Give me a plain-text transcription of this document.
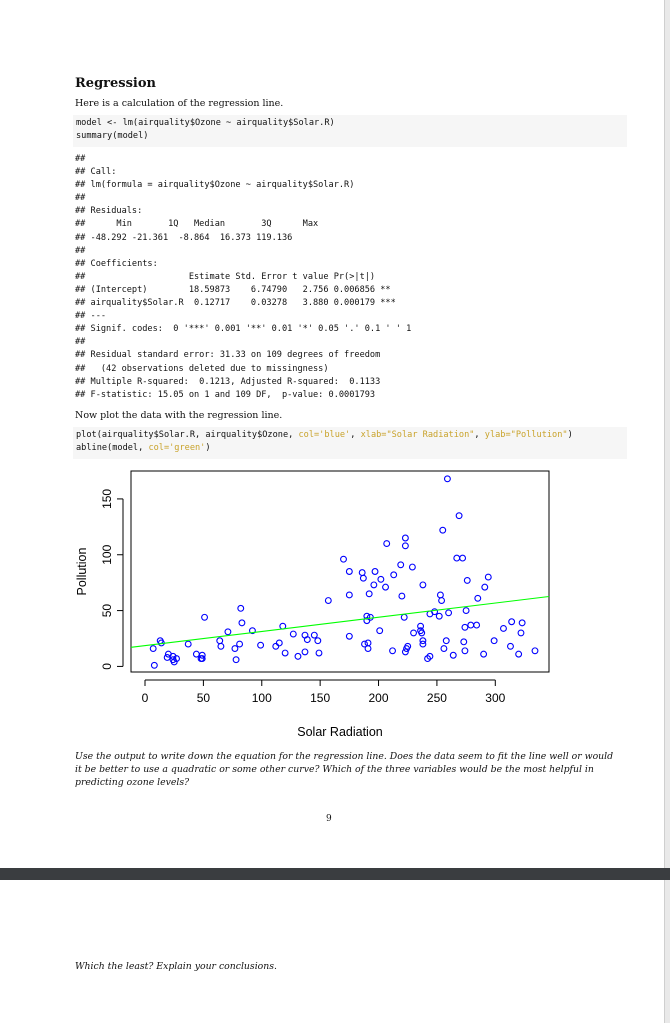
Regression

Here is a calculation of the regression line.

model <- lm(airquality$Ozone ~ airquality$Solar.R)
summary(model)
##
## Call:
## lm(formula = airquality$Ozone ~ airquality$Solar.R)
##
## Residuals:
##      Min       1Q   Median       3Q      Max
## -48.292 -21.361  -8.864  16.373 119.136
##
## Coefficients:
##                    Estimate Std. Error t value Pr(>|t|)
## (Intercept)        18.59873    6.74790   2.756 0.006856 **
## airquality$Solar.R  0.12717    0.03278   3.880 0.000179 ***
## ---
## Signif. codes:  0 '***' 0.001 '**' 0.01 '*' 0.05 '.' 0.1 ' ' 1
##
## Residual standard error: 31.33 on 109 degrees of freedom
##   (42 observations deleted due to missingness)
## Multiple R-squared:  0.1213, Adjusted R-squared:  0.1133
## F-statistic: 15.05 on 1 and 109 DF,  p-value: 0.0001793

Now plot the data with the regression line.

plot(airquality$Solar.R, airquality$Ozone, col='blue', xlab="Solar Radiation", ylab="Pollution")
abline(model, col='green')
0	50	100	150	200	250	300
0
50
100
150
Solar Radiation
Pollution

Use the output to write down the equation for the regression line. Does the data seem to fit the line well or would it be better to use a quadratic or some other curve? Which of the three variables would be the most helpful in predicting ozone levels?

9

Which the least? Explain your conclusions.
